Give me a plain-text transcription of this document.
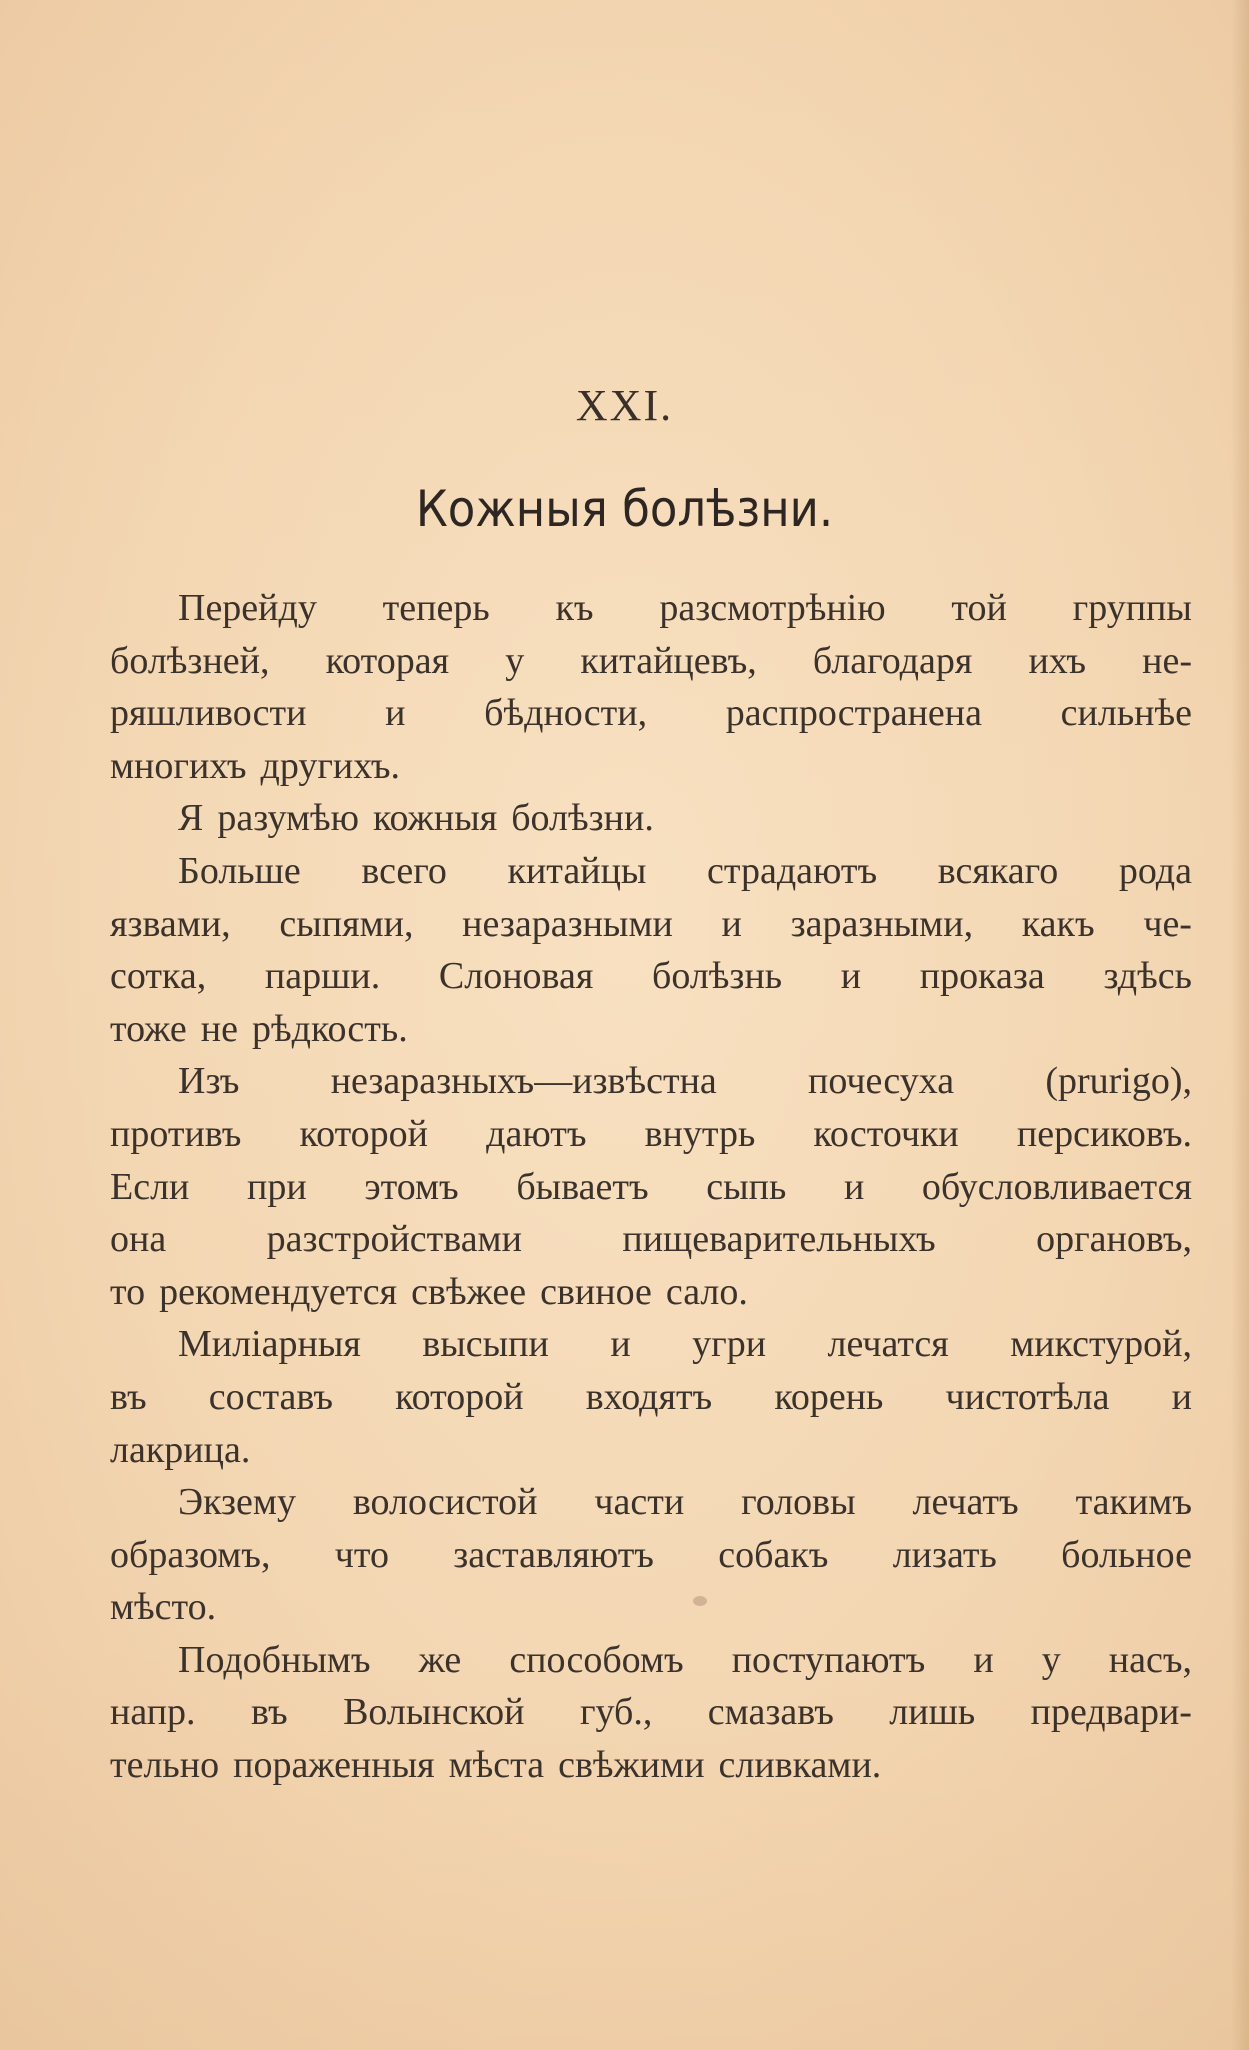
XXI.
Кожныя болѣзни.
Перейду теперь къ разсмотрѣнію той группы
болѣзней, которая у китайцевъ, благодаря ихъ не-
ряшливости и бѣдности, распространена сильнѣе
многихъ другихъ.
Я разумѣю кожныя болѣзни.
Больше всего китайцы страдаютъ всякаго рода
язвами, сыпями, незаразными и заразными, какъ че-
сотка, парши. Слоновая болѣзнь и проказа здѣсь
тоже не рѣдкость.
Изъ незаразныхъ—извѣстна почесуха (prurigo),
противъ которой даютъ внутрь косточки персиковъ.
Если при этомъ бываетъ сыпь и обусловливается
она	разстройствами	пищеварительныхъ	органовъ,
то рекомендуется свѣжее свиное сало.
Миліарныя высыпи и угри лечатся микстурой,
въ составъ которой входятъ корень чистотѣла и
лакрица.
Экзему волосистой части головы лечатъ такимъ
образомъ, что заставляютъ собакъ лизать больное
мѣсто.
Подобнымъ же способомъ поступаютъ и у насъ,
напр. въ Волынской губ., смазавъ лишь предвари-
тельно пораженныя мѣста свѣжими сливками.
